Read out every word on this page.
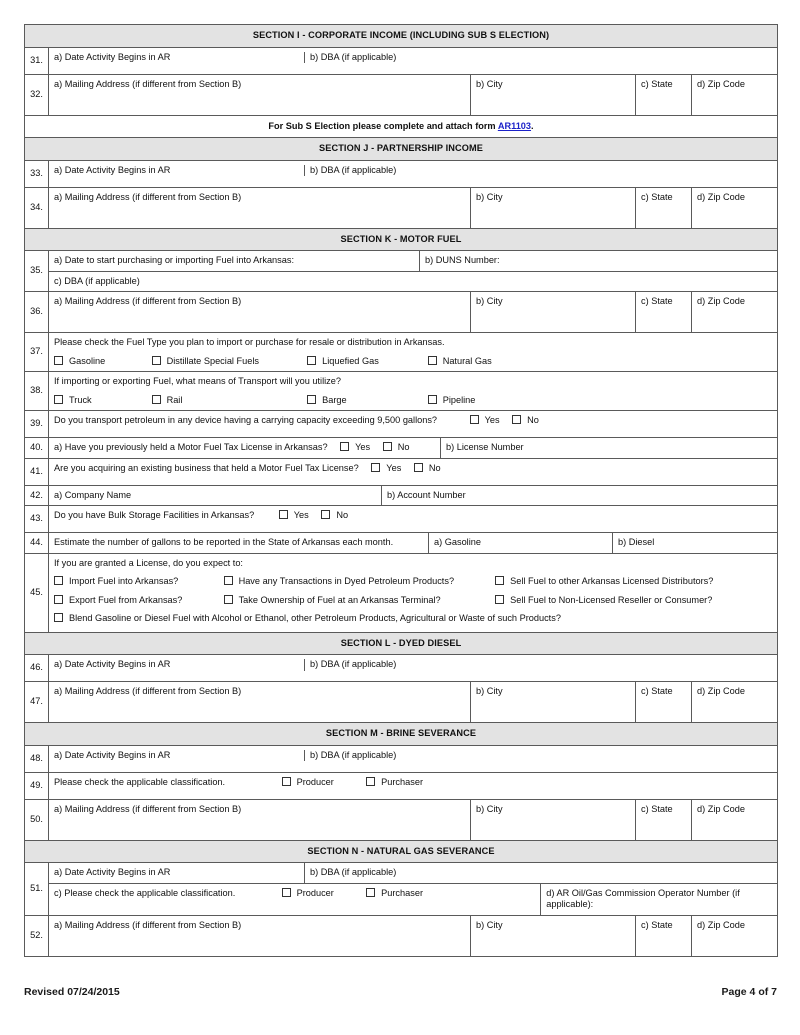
SECTION I - CORPORATE INCOME (INCLUDING SUB S ELECTION)
31.	a) Date Activity Begins in AR	b) DBA (if applicable)

32.	a) Mailing Address (if different from Section B)	b) City	c) State	d) Zip Code
For Sub S Election please complete and attach form AR1103.
SECTION J - PARTNERSHIP INCOME
33.	a) Date Activity Begins in AR	b) DBA (if applicable)

34.	a) Mailing Address (if different from Section B)	b) City	c) State	d) Zip Code
SECTION K - MOTOR FUEL
35.	
a) Date to start purchasing or importing Fuel into Arkansas:	b) DUNS Number:
c) DBA (if applicable)

36.	a) Mailing Address (if different from Section B)	b) City	c) State	d) Zip Code
37.	
Please check the Fuel Type you plan to import or purchase for resale or distribution in Arkansas.
Gasoline	Distillate Special Fuels	Liquefied Gas	Natural Gas

38.	
If importing or exporting Fuel, what means of Transport will you utilize?
Truck	Rail	Barge	Pipeline

39.	Do you transport petroleum in any device having a carrying capacity exceeding 9,500 gallons?	Yes	No
40.	a) Have you previously held a Motor Fuel Tax License in Arkansas?	Yes	No	b) License Number

41.	Are you acquiring an existing business that held a Motor Fuel Tax License?	Yes	No
42.	a) Company Name	b) Account Number

43.	Do you have Bulk Storage Facilities in Arkansas?	Yes	No
44.	Estimate the number of gallons to be reported in the State of Arkansas each month.	a) Gasoline	b) Diesel

45.	
If you are granted a License, do you expect to:
Import Fuel into Arkansas?	Have any Transactions in Dyed Petroleum Products?	Sell Fuel to other Arkansas Licensed Distributors?
Export Fuel from Arkansas?	Take Ownership of Fuel at an Arkansas Terminal?	Sell Fuel to Non-Licensed Reseller or Consumer?
Blend Gasoline or Diesel Fuel with Alcohol or Ethanol, other Petroleum Products, Agricultural or Waste of such Products?

SECTION L - DYED DIESEL
46.	a) Date Activity Begins in AR	b) DBA (if applicable)

47.	a) Mailing Address (if different from Section B)	b) City	c) State	d) Zip Code
SECTION M - BRINE SEVERANCE
48.	a) Date Activity Begins in AR	b) DBA (if applicable)

49.	Please check the applicable classification.	Producer	Purchaser
50.	a) Mailing Address (if different from Section B)	b) City	c) State	d) Zip Code
SECTION N - NATURAL GAS SEVERANCE
51.	
a) Date Activity Begins in AR	b) DBA (if applicable)
c) Please check the applicable classification.	Producer	Purchaser	d) AR Oil/Gas Commission Operator Number (if applicable):

52.	a) Mailing Address (if different from Section B)	b) City	c) State	d) Zip Code
Revised 07/24/2015	Page 4 of 7
